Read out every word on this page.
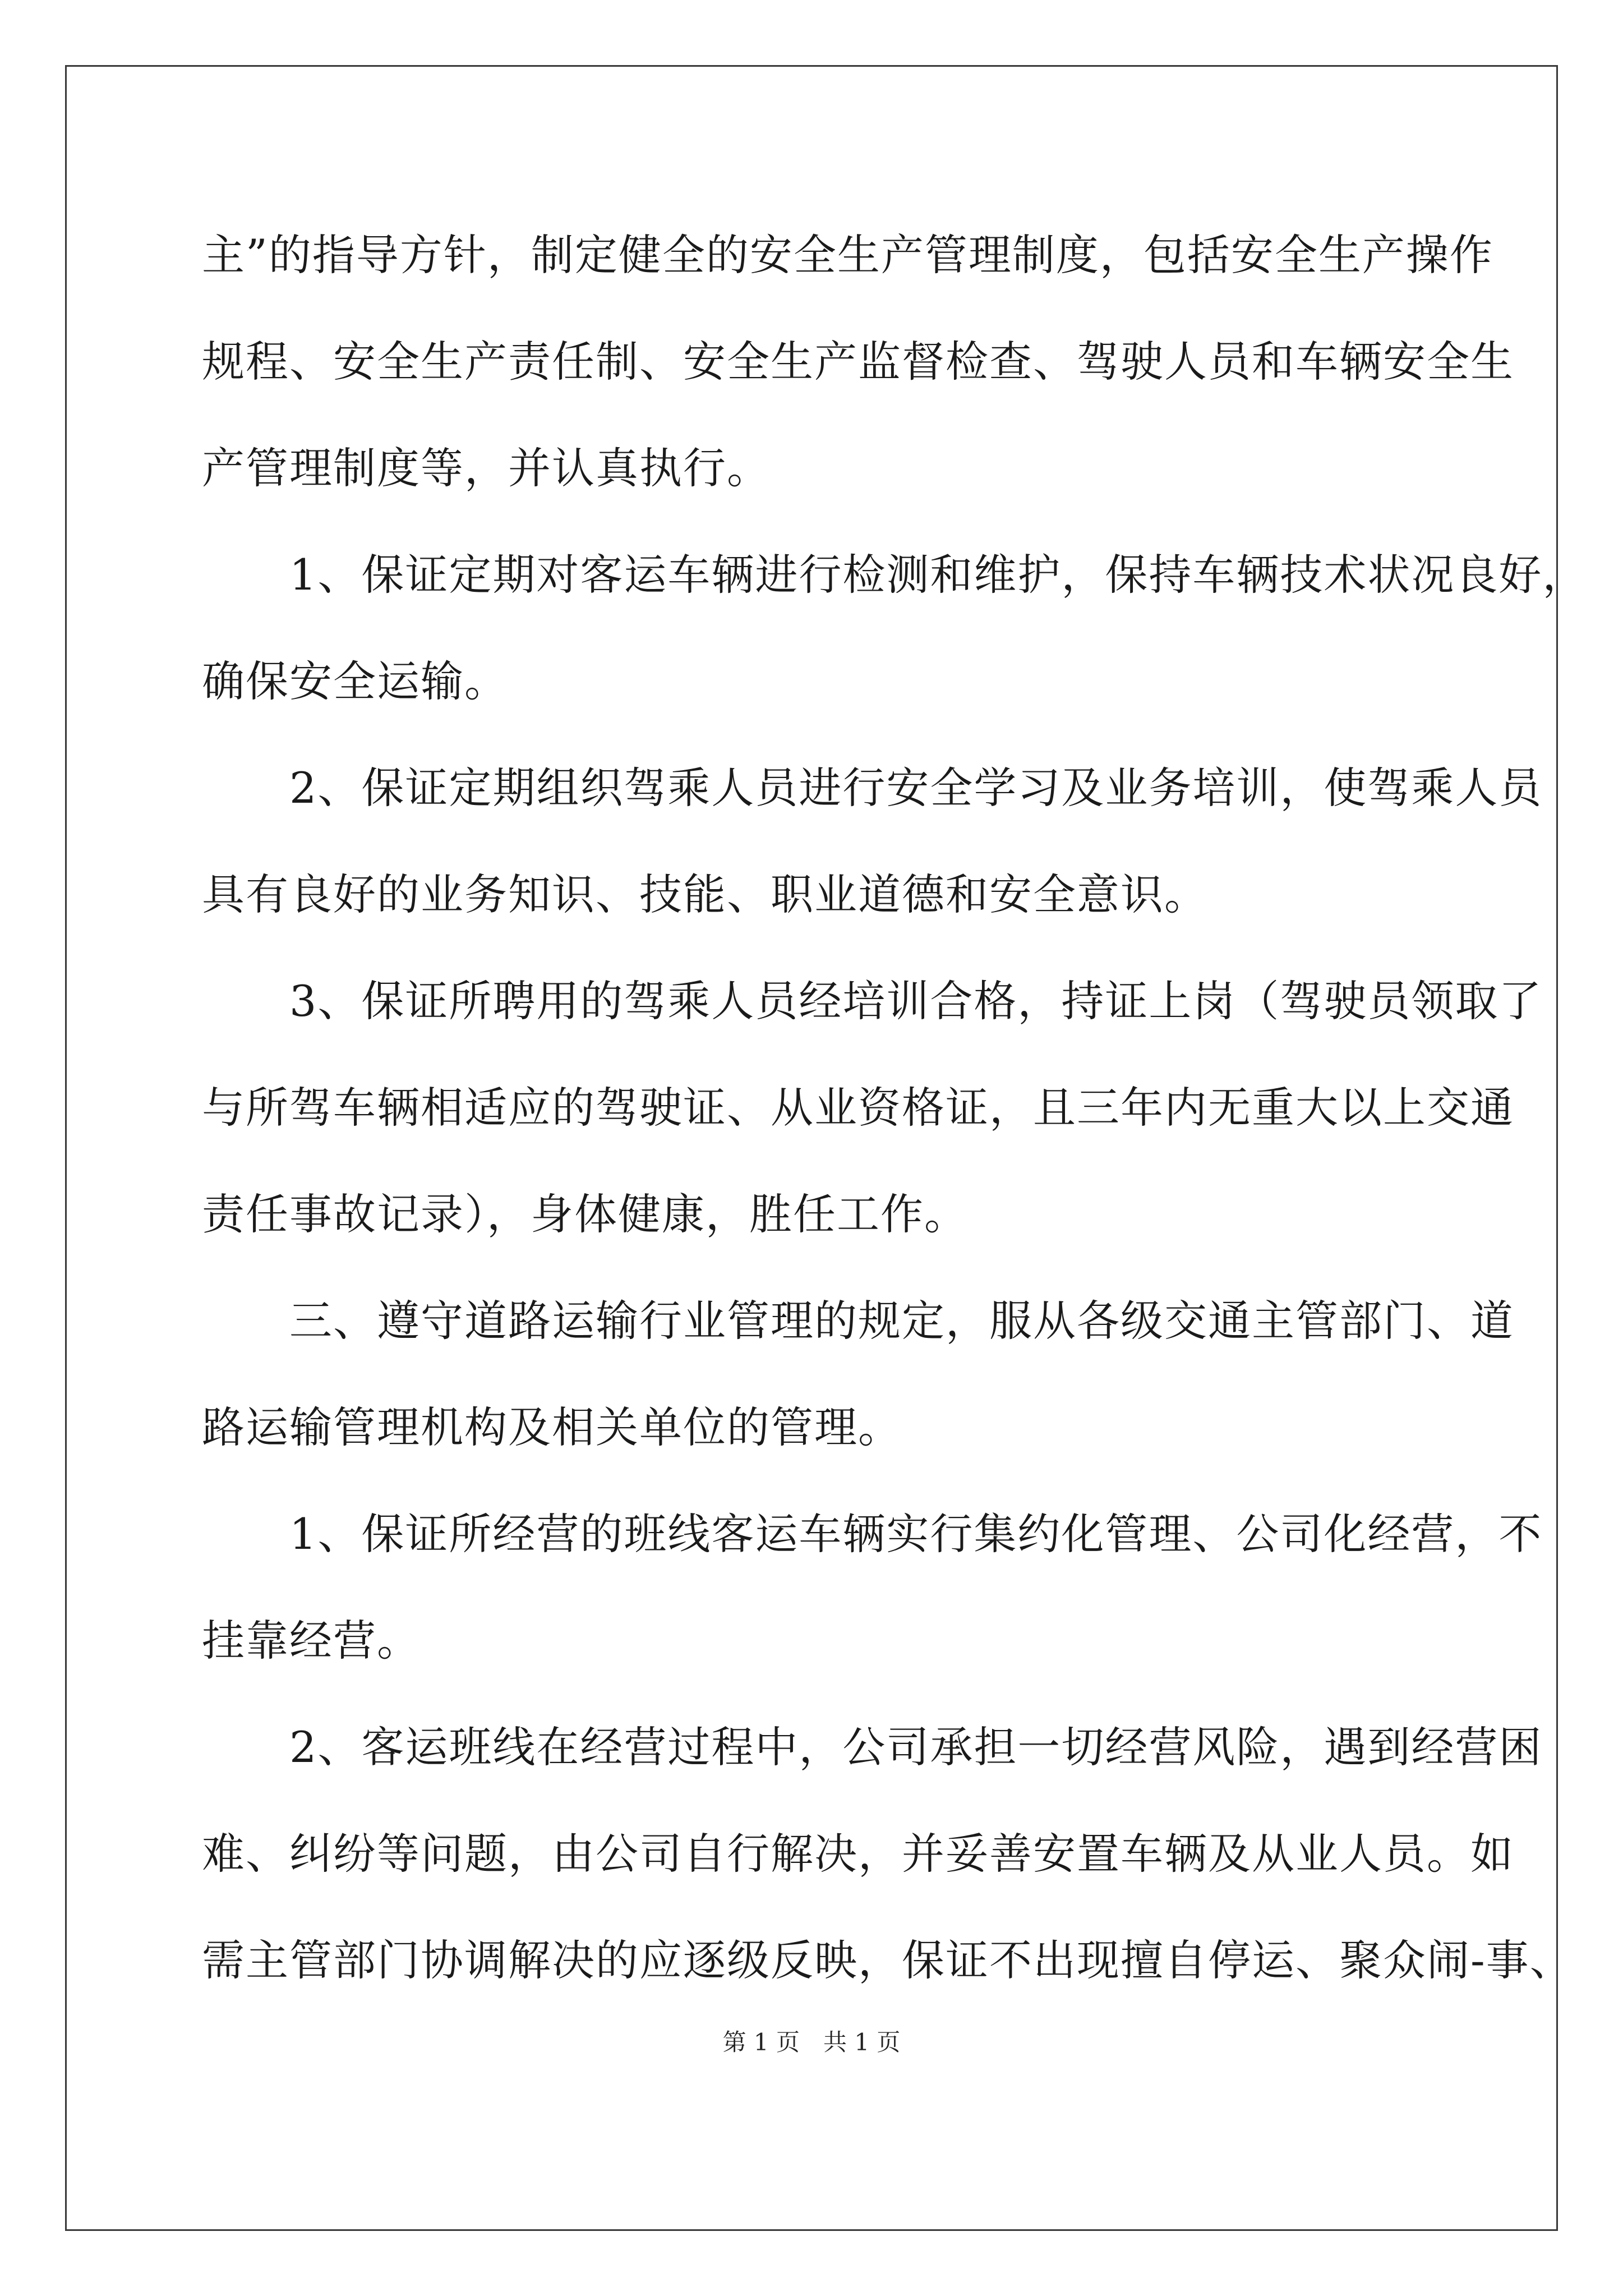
主”的指导方针，制定健全的安全生产管理制度，包括安全生产操作
规程、安全生产责任制、安全生产监督检查、驾驶人员和车辆安全生
产管理制度等，并认真执行。
　　1、保证定期对客运车辆进行检测和维护，保持车辆技术状况良好，
确保安全运输。
　　2、保证定期组织驾乘人员进行安全学习及业务培训，使驾乘人员
具有良好的业务知识、技能、职业道德和安全意识。
　　3、保证所聘用的驾乘人员经培训合格，持证上岗（驾驶员领取了
与所驾车辆相适应的驾驶证、从业资格证，且三年内无重大以上交通
责任事故记录），身体健康，胜任工作。
　　三、遵守道路运输行业管理的规定，服从各级交通主管部门、道
路运输管理机构及相关单位的管理。
　　1、保证所经营的班线客运车辆实行集约化管理、公司化经营，不
挂靠经营。
　　2、客运班线在经营过程中，公司承担一切经营风险，遇到经营困
难、纠纷等问题，由公司自行解决，并妥善安置车辆及从业人员。如
需主管部门协调解决的应逐级反映，保证不出现擅自停运、聚众闹-事、
第 1 页　共 1 页
